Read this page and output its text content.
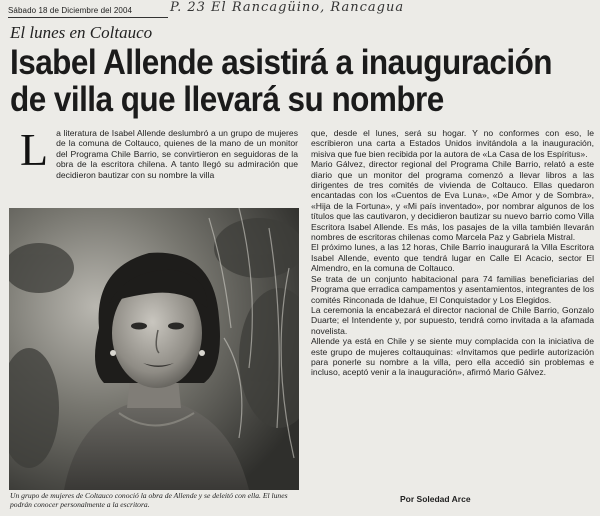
Sábado 18 de Diciembre del 2004	P. 23 El Rancagüino, Rancagua
El lunes en Coltauco
Isabel Allende asistirá a inauguración
de villa que llevará su nombre
L a literatura de Isabel Allende deslumbró a un grupo de mujeres de la comuna de Coltauco, quienes de la mano de un monitor del Programa Chile Barrio, se convirtieron en seguidoras de la obra de la escritora chilena. A tanto llegó su admiración que decidieron bautizar con su nombre la villa
Un grupo de mujeres de Coltauco conoció la obra de Allende y se deleitó con ella. El lunes podrán conocer personalmente a la escritora.

que, desde el lunes, será su hogar. Y no conformes con eso, le escribieron una carta a Estados Unidos invitándola a la inauguración, misiva que fue bien recibida por la autora de «La Casa de los Espíritus».

Mario Gálvez, director regional del Programa Chile Barrio, relató a este diario que un monitor del programa comenzó a llevar libros a las dirigentes de tres comités de vivienda de Coltauco. Ellas quedaron encantadas con los «Cuentos de Eva Luna», «De Amor y de Sombra», «Hija de la Fortuna», y «Mi país inventado», por nombrar algunos de los títulos que las cautivaron, y decidieron bautizar su nuevo barrio como Villa Escritora Isabel Allende. Es más, los pasajes de la villa también llevarán nombres de escritoras chilenas como Marcela Paz y Gabriela Mistral.

El próximo lunes, a las 12 horas, Chile Barrio inaugurará la Villa Escritora Isabel Allende, evento que tendrá lugar en Calle El Acacio, sector El Almendro, en la comuna de Coltauco.

Se trata de un conjunto habitacional para 74 familias beneficiarias del Programa que erradica campamentos y asentamientos, integrantes de los comités Rinconada de Idahue, El Conquistador y Los Elegidos.

La ceremonia la encabezará el director nacional de Chile Barrio, Gonzalo Duarte; el Intendente y, por supuesto, tendrá como invitada a la afamada novelista.

Allende ya está en Chile y se siente muy complacida con la iniciativa de este grupo de mujeres coltauquinas: «Invitamos que pedirle autorización para ponerle su nombre a la villa, pero ella accedió sin problemas e incluso, aceptó venir a la inauguración», afirmó Mario Gálvez.

Por Soledad Arce
